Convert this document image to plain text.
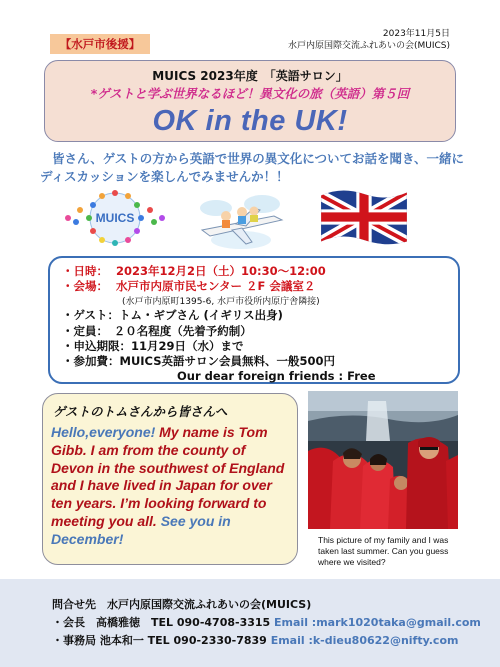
【水戸市後援】
2023年11月5日
水戸内原国際交流ふれあいの会(MUICS)
MUICS 2023年度　「英語サロン」
*ゲストと学ぶ世界なるほど！異文化の旅（英語）第５回
OK in the UK!
皆さん、ゲストの方から英語で世界の異文化についてお話を聞き、一緒にディスカッションを楽しんでみませんか！！
MUICS
・日時： 2023年12月2日（土）10:30～12:00
・会場： 水戸市内原市民センター ２F 会議室２
(水戸市内原町1395-6, 水戸市役所内原庁舎隣接)
・ゲスト：トム・ギブさん (イギリス出身)
・定員：　２０名程度（先着予約制）
・申込期限：11月29日（水）まで
・参加費：MUICS英語サロン会員無料、一般500円
Our dear foreign friends : Free
ゲストのトムさんから皆さんへ
Hello,everyone! My name is Tom Gibb. I am from the county of Devon in the southwest of England and I have lived in Japan for over ten years. I’m looking forward to meeting you all. See you in December!	This picture of my family and I was taken last summer. Can you guess where we visited?
問合せ先　水戸内原国際交流ふれあいの会(MUICS)
・会長　高橋雅徳　TEL 090-4708-3315 Email :mark1020taka@gmail.com
・事務局 池本和一 TEL 090-2330-7839 Email :k-dieu80622@nifty.com
